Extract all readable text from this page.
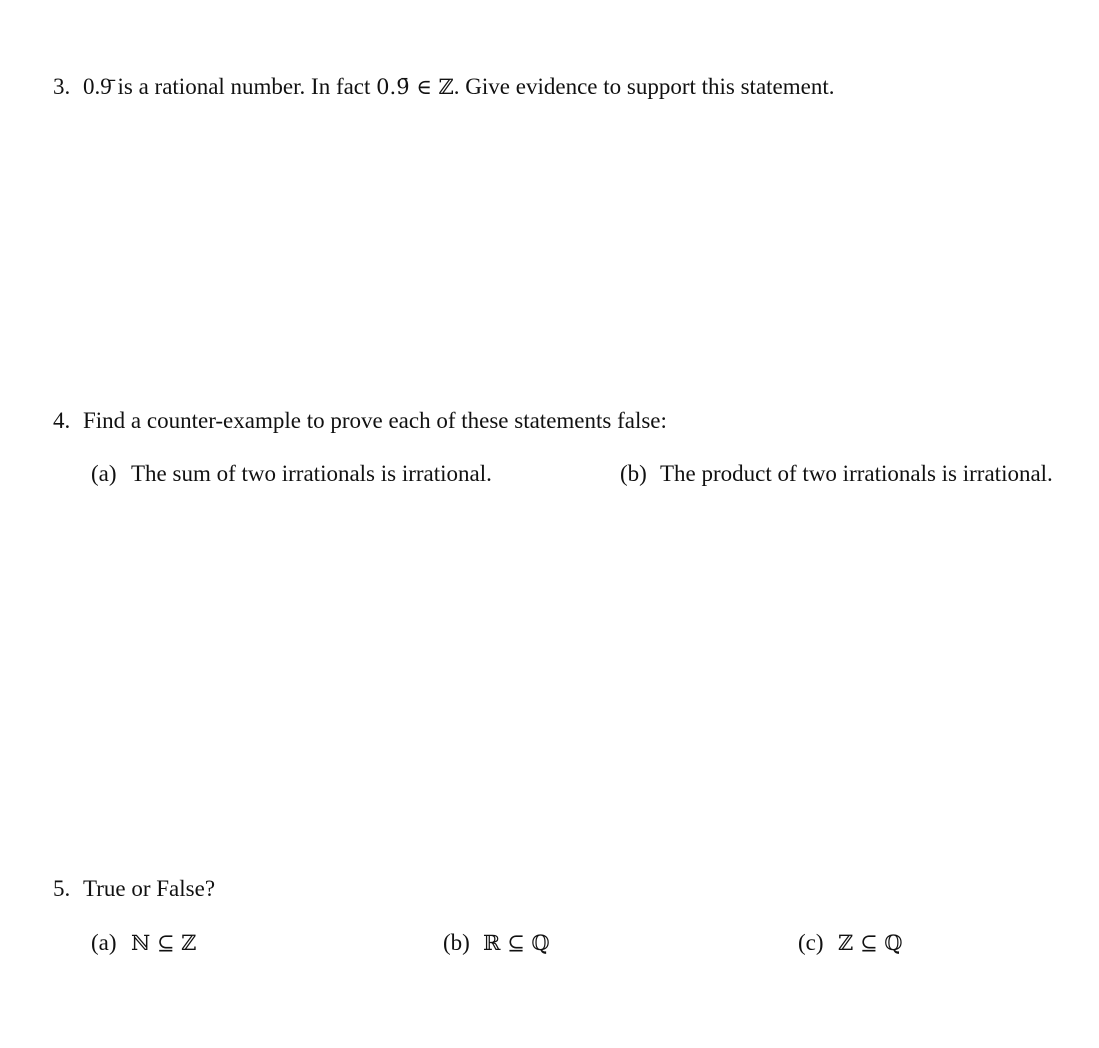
3. 0.9̄ is a rational number. In fact 0.9̄ ∈ ℤ. Give evidence to support this statement.
4. Find a counter-example to prove each of these statements false:
(a) The sum of two irrationals is irrational.	(b) The product of two irrationals is irrational.
5. True or False?
(a) ℕ ⊆ ℤ	(b) ℝ ⊆ ℚ	(c) ℤ ⊆ ℚ
